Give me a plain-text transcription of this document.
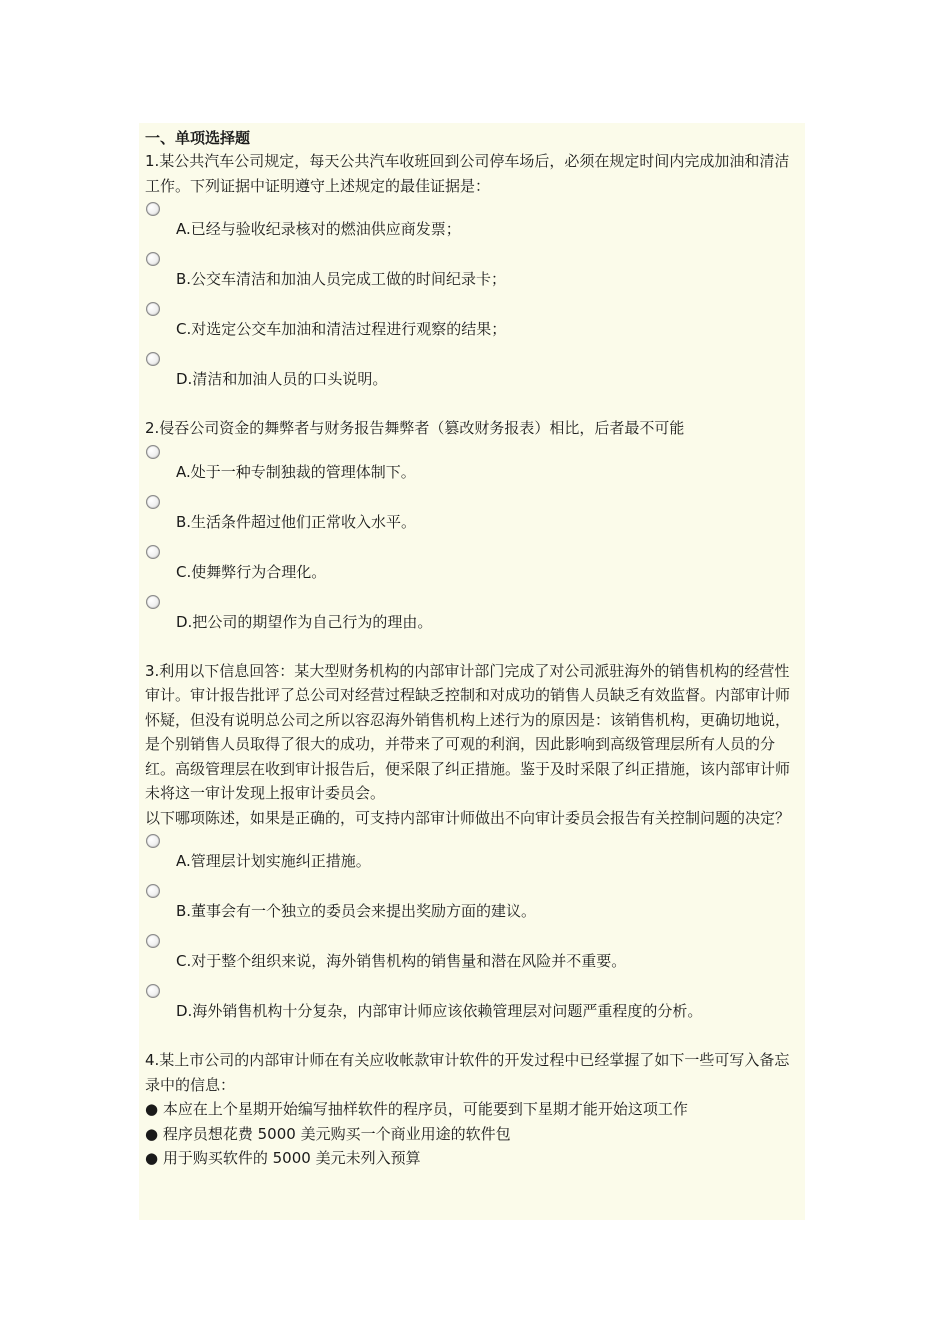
一、单项选择题
1.某公共汽车公司规定，每天公共汽车收班回到公司停车场后，必须在规定时间内完成加油和清洁工作。下列证据中证明遵守上述规定的最佳证据是：
A.已经与验收纪录核对的燃油供应商发票；
B.公交车清洁和加油人员完成工做的时间纪录卡；
C.对选定公交车加油和清洁过程进行观察的结果；
D.清洁和加油人员的口头说明。
2.侵吞公司资金的舞弊者与财务报告舞弊者（篡改财务报表）相比，后者最不可能
A.处于一种专制独裁的管理体制下。
B.生活条件超过他们正常收入水平。
C.使舞弊行为合理化。
D.把公司的期望作为自己行为的理由。
3.利用以下信息回答：某大型财务机构的内部审计部门完成了对公司派驻海外的销售机构的经营性审计。审计报告批评了总公司对经营过程缺乏控制和对成功的销售人员缺乏有效监督。内部审计师怀疑，但没有说明总公司之所以容忍海外销售机构上述行为的原因是：该销售机构，更确切地说，是个别销售人员取得了很大的成功，并带来了可观的利润，因此影响到高级管理层所有人员的分红。高级管理层在收到审计报告后，便采限了纠正措施。鉴于及时采限了纠正措施，该内部审计师未将这一审计发现上报审计委员会。
以下哪项陈述，如果是正确的，可支持内部审计师做出不向审计委员会报告有关控制问题的决定？
A.管理层计划实施纠正措施。
B.董事会有一个独立的委员会来提出奖励方面的建议。
C.对于整个组织来说，海外销售机构的销售量和潜在风险并不重要。
D.海外销售机构十分复杂，内部审计师应该依赖管理层对问题严重程度的分析。
4.某上市公司的内部审计师在有关应收帐款审计软件的开发过程中已经掌握了如下一些可写入备忘录中的信息：
● 本应在上个星期开始编写抽样软件的程序员，可能要到下星期才能开始这项工作
● 程序员想花费 5000 美元购买一个商业用途的软件包
● 用于购买软件的 5000 美元未列入预算
